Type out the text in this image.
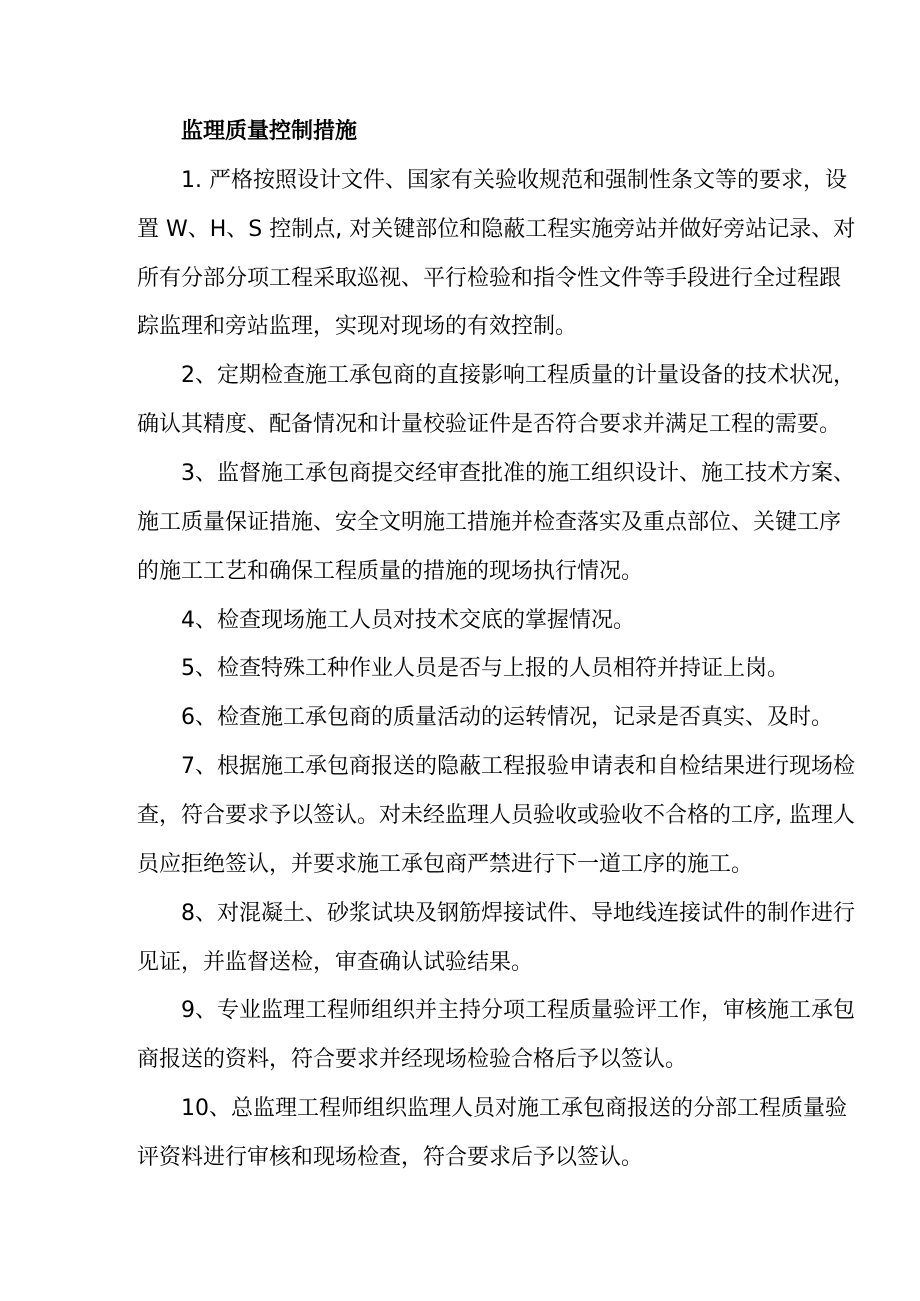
监理质量控制措施
1. 严格按照设计文件、国家有关验收规范和强制性条文等的要求，设
置 W、H、S 控制点, 对关键部位和隐蔽工程实施旁站并做好旁站记录、对
所有分部分项工程采取巡视、平行检验和指令性文件等手段进行全过程跟
踪监理和旁站监理，实现对现场的有效控制。
2、定期检查施工承包商的直接影响工程质量的计量设备的技术状况，
确认其精度、配备情况和计量校验证件是否符合要求并满足工程的需要。
3、监督施工承包商提交经审查批准的施工组织设计、施工技术方案、
施工质量保证措施、安全文明施工措施并检查落实及重点部位、关键工序
的施工工艺和确保工程质量的措施的现场执行情况。
4、检查现场施工人员对技术交底的掌握情况。
5、检查特殊工种作业人员是否与上报的人员相符并持证上岗。
6、检查施工承包商的质量活动的运转情况，记录是否真实、及时。
7、根据施工承包商报送的隐蔽工程报验申请表和自检结果进行现场检
查，符合要求予以签认。对未经监理人员验收或验收不合格的工序, 监理人
员应拒绝签认，并要求施工承包商严禁进行下一道工序的施工。
8、对混凝土、砂浆试块及钢筋焊接试件、导地线连接试件的制作进行
见证，并监督送检，审查确认试验结果。
9、专业监理工程师组织并主持分项工程质量验评工作，审核施工承包
商报送的资料，符合要求并经现场检验合格后予以签认。
10、总监理工程师组织监理人员对施工承包商报送的分部工程质量验
评资料进行审核和现场检查，符合要求后予以签认。
